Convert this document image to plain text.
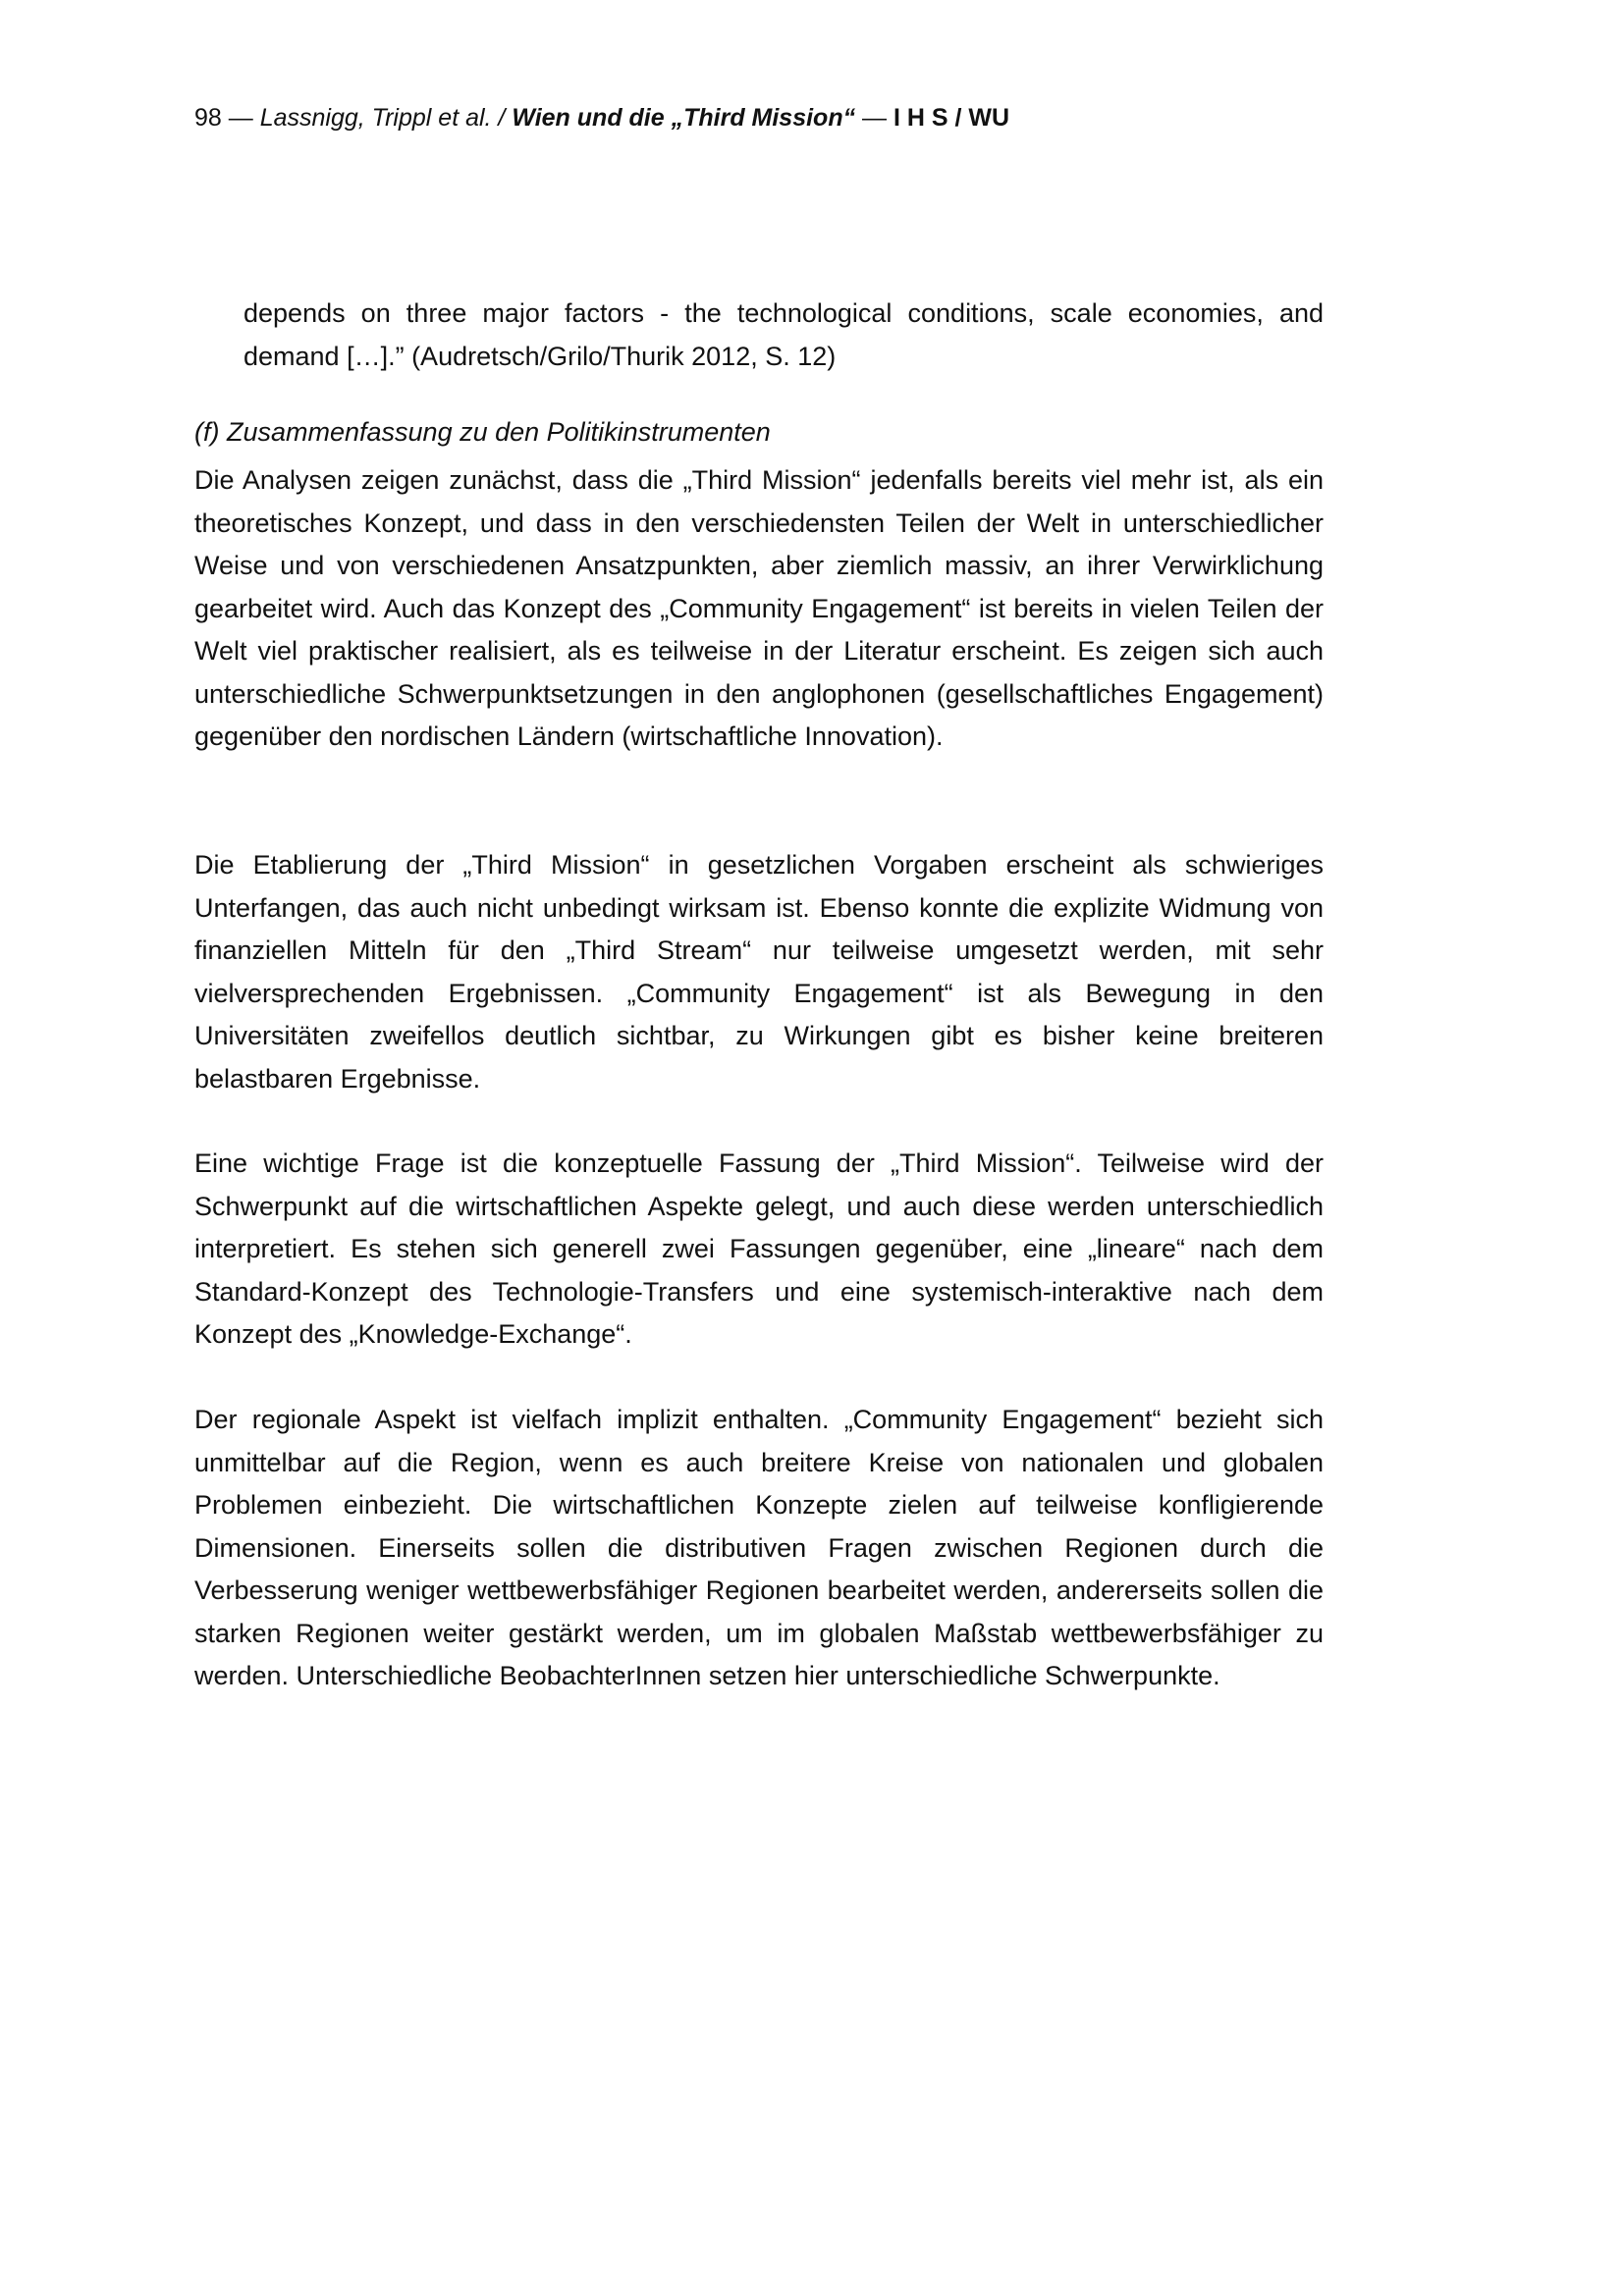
98 — Lassnigg, Trippl et al. / Wien und die „Third Mission“ — I H S / WU

depends on three major factors - the technological conditions, scale economies, and demand […].” (Audretsch/Grilo/Thurik 2012, S. 12)

(f) Zusammenfassung zu den Politikinstrumenten

Die Analysen zeigen zunächst, dass die „Third Mission“ jedenfalls bereits viel mehr ist, als ein theoretisches Konzept, und dass in den verschiedensten Teilen der Welt in unterschiedlicher Weise und von verschiedenen Ansatzpunkten, aber ziemlich massiv, an ihrer Verwirklichung gearbeitet wird. Auch das Konzept des „Community Engagement“ ist bereits in vielen Teilen der Welt viel praktischer realisiert, als es teilweise in der Literatur erscheint. Es zeigen sich auch unterschiedliche Schwerpunktsetzungen in den anglophonen (gesellschaftliches Engagement) gegenüber den nordischen Ländern (wirtschaftliche Innovation).

Die Etablierung der „Third Mission“ in gesetzlichen Vorgaben erscheint als schwieriges Unterfangen, das auch nicht unbedingt wirksam ist. Ebenso konnte die explizite Widmung von finanziellen Mitteln für den „Third Stream“ nur teilweise umgesetzt werden, mit sehr vielversprechenden Ergebnissen. „Community Engagement“ ist als Bewegung in den Universitäten zweifellos deutlich sichtbar, zu Wirkungen gibt es bisher keine breiteren belastbaren Ergebnisse.

Eine wichtige Frage ist die konzeptuelle Fassung der „Third Mission“. Teilweise wird der Schwerpunkt auf die wirtschaftlichen Aspekte gelegt, und auch diese werden unterschiedlich interpretiert. Es stehen sich generell zwei Fassungen gegenüber, eine „lineare“ nach dem Standard-Konzept des Technologie-Transfers und eine systemisch-interaktive nach dem Konzept des „Knowledge-Exchange“.

Der regionale Aspekt ist vielfach implizit enthalten. „Community Engagement“ bezieht sich unmittelbar auf die Region, wenn es auch breitere Kreise von nationalen und globalen Problemen einbezieht. Die wirtschaftlichen Konzepte zielen auf teilweise konfligierende Dimensionen. Einerseits sollen die distributiven Fragen zwischen Regionen durch die Verbesserung weniger wettbewerbsfähiger Regionen bearbeitet werden, andererseits sollen die starken Regionen weiter gestärkt werden, um im globalen Maßstab wettbewerbsfähiger zu werden. Unterschiedliche BeobachterInnen setzen hier unterschiedliche Schwerpunkte.
